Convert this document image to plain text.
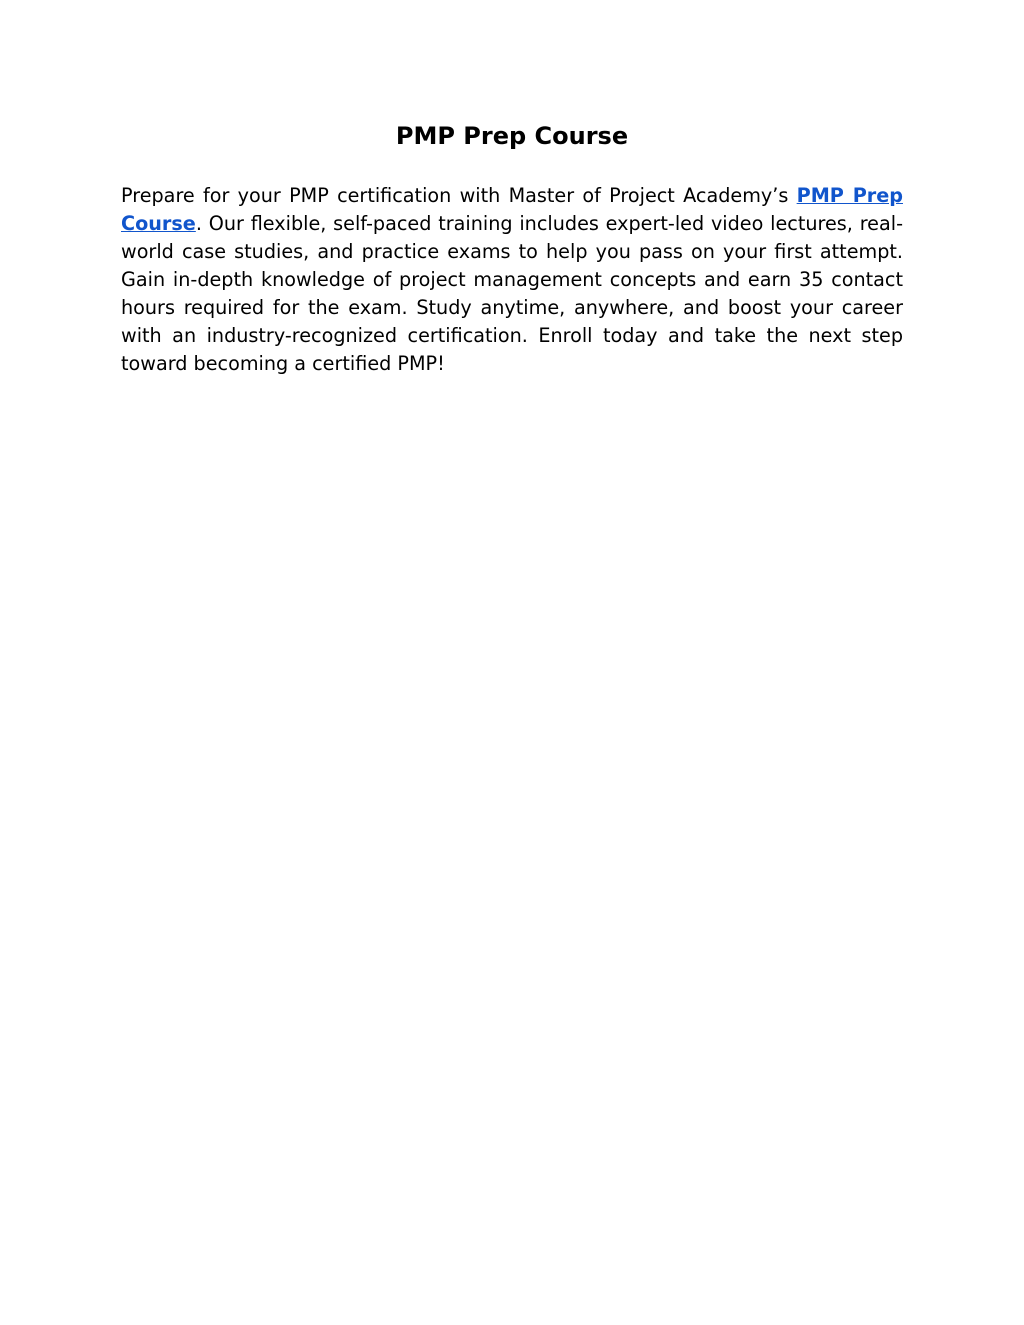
PMP Prep Course

Prepare for your PMP certification with Master of Project Academy’s PMP Prep Course. Our flexible, self-paced training includes expert-led video lectures, real-world case studies, and practice exams to help you pass on your first attempt. Gain in-depth knowledge of project management concepts and earn 35 contact hours required for the exam. Study anytime, anywhere, and boost your career with an industry-recognized certification. Enroll today and take the next step toward becoming a certified PMP!
